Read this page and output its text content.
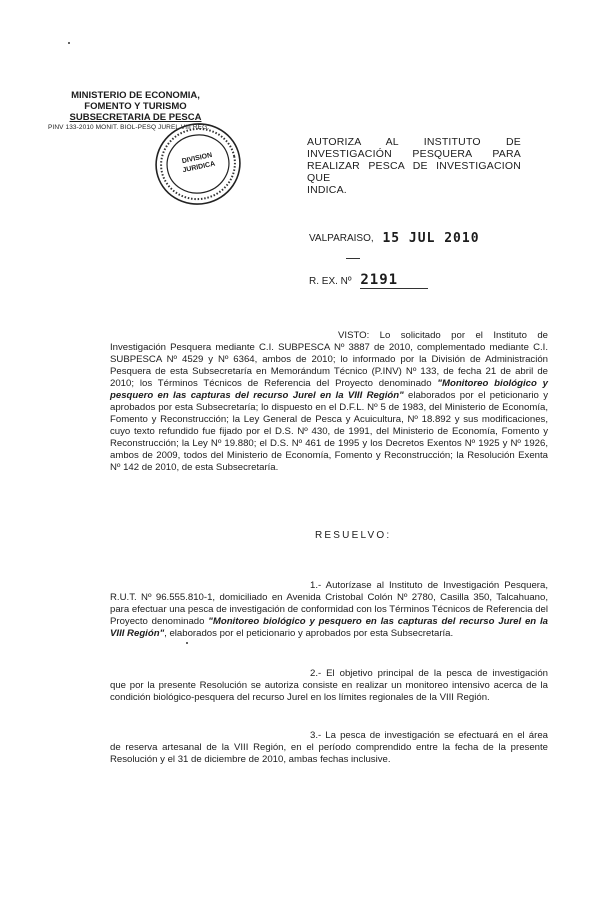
MINISTERIO DE ECONOMIA,
FOMENTO Y TURISMO
SUBSECRETARIA DE PESCA
PINV 133-2010 MONIT. BIOL-PESQ JUREL VIII REG.
DIVISION JURIDICA
AUTORIZA AL INSTITUTO DE
INVESTIGACIÓN PESQUERA PARA
REALIZAR PESCA DE INVESTIGACION QUE
INDICA.
VALPARAISO, 15 JUL 2010
R. EX. Nº 2191
VISTO: Lo solicitado por el Instituto de Investigación Pesquera mediante C.I. SUBPESCA Nº 3887 de 2010, complementado mediante C.I. SUBPESCA Nº 4529 y Nº 6364, ambos de 2010; lo informado por la División de Administración Pesquera de esta Subsecretaría en Memorándum Técnico (P.INV) Nº 133, de fecha 21 de abril de 2010; los Términos Técnicos de Referencia del Proyecto denominado "Monitoreo biológico y pesquero en las capturas del recurso Jurel en la VIII Región" elaborados por el peticionario y aprobados por esta Subsecretaría; lo dispuesto en el D.F.L. Nº 5 de 1983, del Ministerio de Economía, Fomento y Reconstrucción; la Ley General de Pesca y Acuicultura, Nº 18.892 y sus modificaciones, cuyo texto refundido fue fijado por el D.S. Nº 430, de 1991, del Ministerio de Economía, Fomento y Reconstrucción; la Ley Nº 19.880; el D.S. Nº 461 de 1995 y los Decretos Exentos Nº 1925 y Nº 1926, ambos de 2009, todos del Ministerio de Economía, Fomento y Reconstrucción; la Resolución Exenta Nº 142 de 2010, de esta Subsecretaría.
RESUELVO:
1.- Autorízase al Instituto de Investigación Pesquera, R.U.T. Nº 96.555.810-1, domiciliado en Avenida Cristobal Colón Nº 2780, Casilla 350, Talcahuano, para efectuar una pesca de investigación de conformidad con los Términos Técnicos de Referencia del Proyecto denominado "Monitoreo biológico y pesquero en las capturas del recurso Jurel en la VIII Región", elaborados por el peticionario y aprobados por esta Subsecretaría.
2.- El objetivo principal de la pesca de investigación que por la presente Resolución se autoriza consiste en realizar un monitoreo intensivo acerca de la condición biológico-pesquera del recurso Jurel en los límites regionales de la VIII Región.
3.- La pesca de investigación se efectuará en el área de reserva artesanal de la VIII Región, en el período comprendido entre la fecha de la presente Resolución y el 31 de diciembre de 2010, ambas fechas inclusive.
